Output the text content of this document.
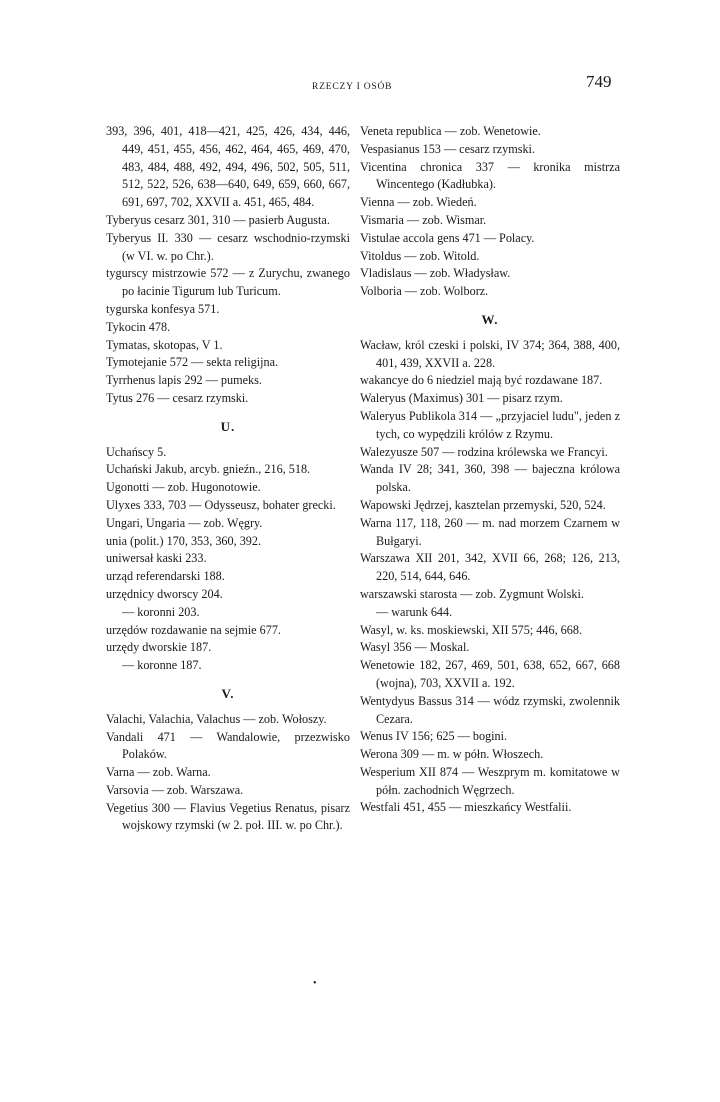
RZECZY I OSÓB	749

393, 396, 401, 418—421, 425, 426, 434, 446, 449, 451, 455, 456, 462, 464, 465, 469, 470, 483, 484, 488, 492, 494, 496, 502, 505, 511, 512, 522, 526, 638—640, 649, 659, 660, 667, 691, 697, 702, XXVII a. 451, 465, 484.

Tyberyus cesarz 301, 310 — pasierb Augusta.

Tyberyus II. 330 — cesarz wschodnio-rzymski (w VI. w. po Chr.).

tygurscy mistrzowie 572 — z Zurychu, zwanego po łacinie Tigurum lub Turicum.

tygurska konfesya 571.

Tykocin 478.

Tymatas, skotopas, V 1.

Tymotejanie 572 — sekta religijna.

Tyrrhenus lapis 292 — pumeks.

Tytus 276 — cesarz rzymski.

U.

Uchańscy 5.

Uchański Jakub, arcyb. gnieźn., 216, 518.

Ugonotti — zob. Hugonotowie.

Ulyxes 333, 703 — Odysseusz, bohater grecki.

Ungari, Ungaria — zob. Węgry.

unia (polit.) 170, 353, 360, 392.

uniwersał kaski 233.

urząd referendarski 188.

urzędnicy dworscy 204.

— koronni 203.

urzędów rozdawanie na sejmie 677.

urzędy dworskie 187.

— koronne 187.

V.

Valachi, Valachia, Valachus — zob. Wołoszy.

Vandali 471 — Wandalowie, przezwisko Polaków.

Varna — zob. Warna.

Varsovia — zob. Warszawa.

Vegetius 300 — Flavius Vegetius Renatus, pisarz wojskowy rzymski (w 2. poł. III. w. po Chr.).

Veneta republica — zob. Wenetowie.

Vespasianus 153 — cesarz rzymski.

Vicentina chronica 337 — kronika mistrza Wincentego (Kadłubka).

Vienna — zob. Wiedeń.

Vismaria — zob. Wismar.

Vistulae accola gens 471 — Polacy.

Vitoldus — zob. Witold.

Vladislaus — zob. Władysław.

Volboria — zob. Wolborz.

W.

Wacław, król czeski i polski, IV 374; 364, 388, 400, 401, 439, XXVII a. 228.

wakancye do 6 niedziel mają być rozdawane 187.

Waleryus (Maximus) 301 — pisarz rzym.

Waleryus Publikola 314 — „przyjaciel ludu", jeden z tych, co wypędzili królów z Rzymu.

Walezyusze 507 — rodzina królewska we Francyi.

Wanda IV 28; 341, 360, 398 — bajeczna królowa polska.

Wapowski Jędrzej, kasztelan przemyski, 520, 524.

Warna 117, 118, 260 — m. nad morzem Czarnem w Bułgaryi.

Warszawa XII 201, 342, XVII 66, 268; 126, 213, 220, 514, 644, 646.

warszawski starosta — zob. Zygmunt Wolski.

— warunk 644.

Wasyl, w. ks. moskiewski, XII 575; 446, 668.

Wasyl 356 — Moskal.

Wenetowie 182, 267, 469, 501, 638, 652, 667, 668 (wojna), 703, XXVII a. 192.

Wentydyus Bassus 314 — wódz rzymski, zwolennik Cezara.

Wenus IV 156; 625 — bogini.

Werona 309 — m. w półn. Włoszech.

Wesperium XII 874 — Weszprym m. komitatowe w półn. zachodnich Węgrzech.

Westfali 451, 455 — mieszkańcy Westfalii.

•
